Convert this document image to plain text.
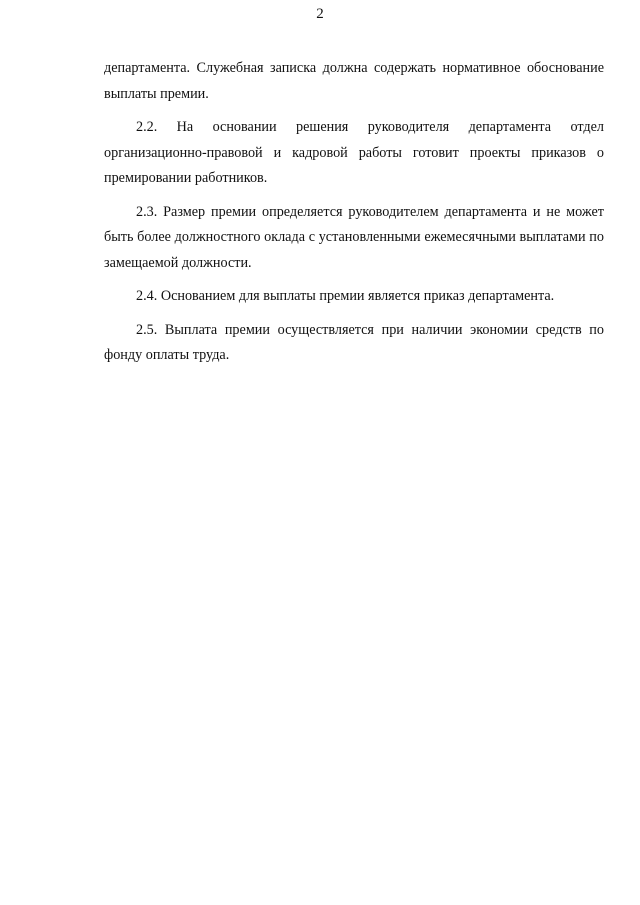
2

департамента. Служебная записка должна содержать нормативное обоснование выплаты премии.

2.2. На основании решения руководителя департамента отдел организационно-правовой и кадровой работы готовит проекты приказов о премировании работников.

2.3. Размер премии определяется руководителем департамента и не может быть более должностного оклада с установленными ежемесячными выплатами по замещаемой должности.

2.4. Основанием для выплаты премии является приказ департамента.

2.5. Выплата премии осуществляется при наличии экономии средств по фонду оплаты труда.
